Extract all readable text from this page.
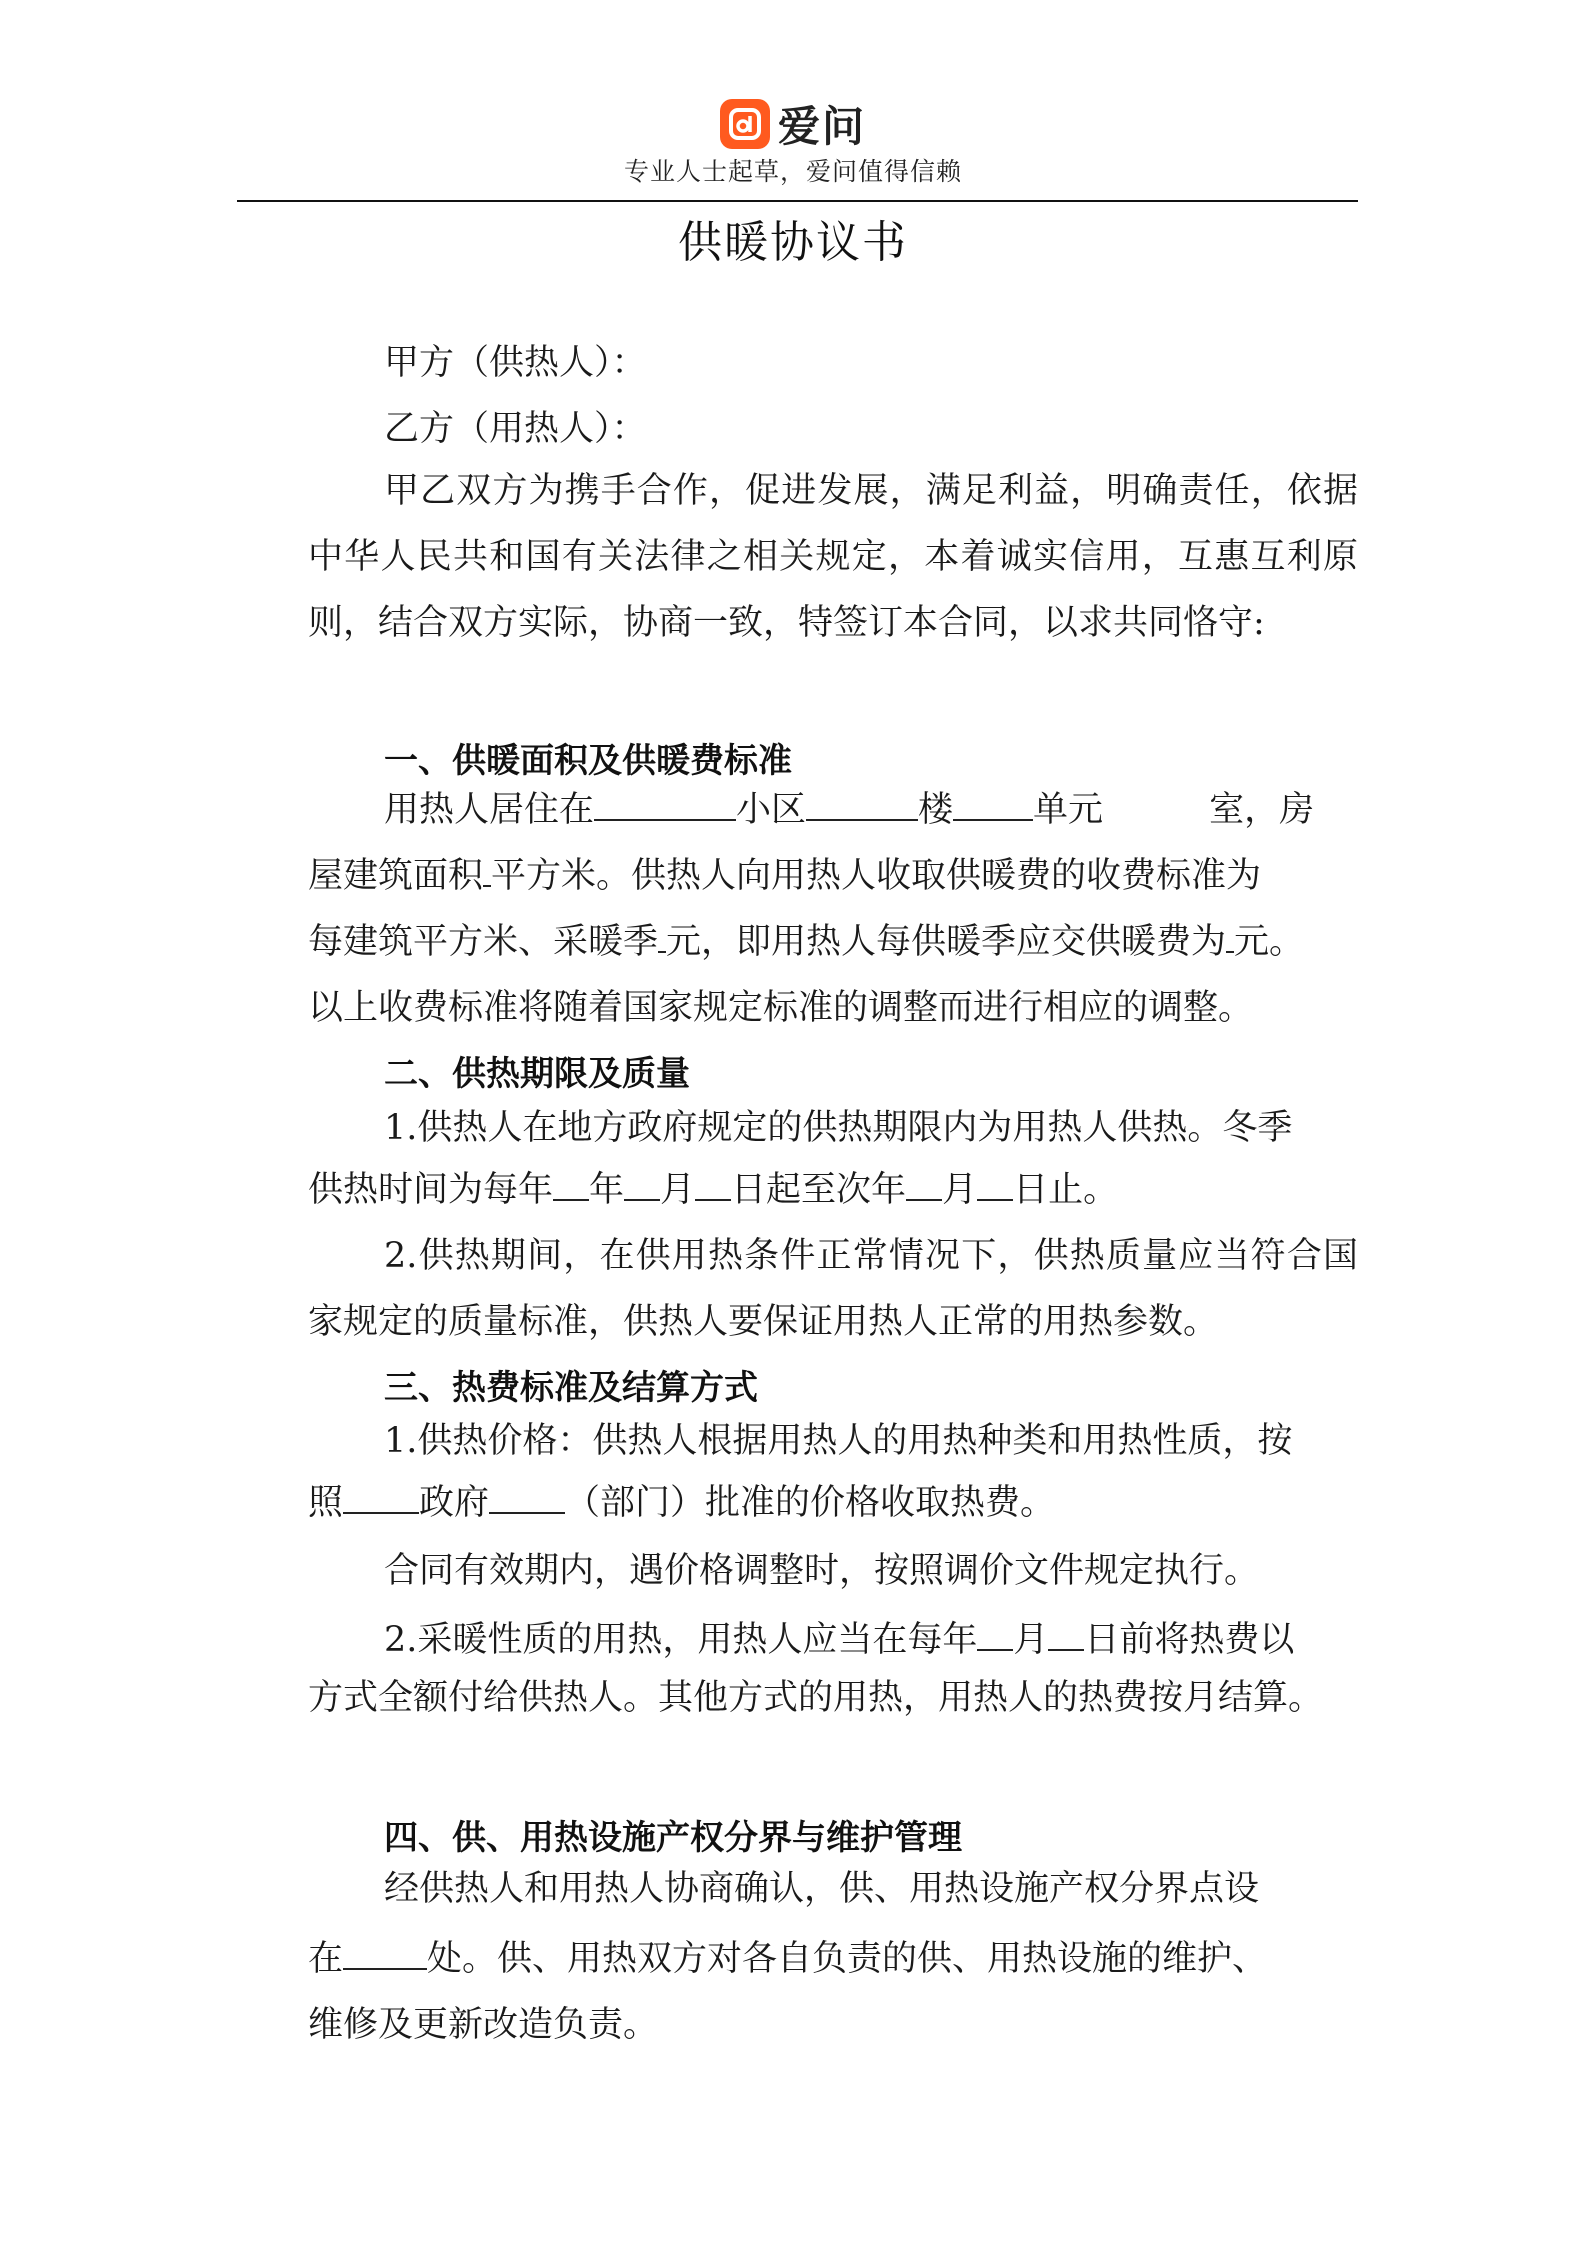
爱问
专业人士起草，爱问值得信赖
供暖协议书
甲方（供热人）：
乙方（用热人）：
甲乙双方为携手合作，促进发展，满足利益，明确责任，依据中华人民共和国有关法律之相关规定，本着诚实信用，互惠互利原则，结合双方实际，协商一致，特签订本合同，以求共同恪守:
一、供暖面积及供暖费标准
用热人居住在	小区	楼 单元	室，房
屋建筑面积 平方米。供热人向用热人收取供暖费的收费标准为
每建筑平方米、采暖季 元，即用热人每供暖季应交供暖费为 元。
以上收费标准将随着国家规定标准的调整而进行相应的调整。
二、供热期限及质量
1.供热人在地方政府规定的供热期限内为用热人供热。冬季
供热时间为每年 年 月 日起至次年 月 日止。
2.供热期间，在供用热条件正常情况下，供热质量应当符合国家规定的质量标准，供热人要保证用热人正常的用热参数。
三、热费标准及结算方式
1.供热价格：供热人根据用热人的用热种类和用热性质，按
照 政府 （部门）批准的价格收取热费。
合同有效期内，遇价格调整时，按照调价文件规定执行。
2.采暖性质的用热，用热人应当在每年 月 日前将热费以
方式全额付给供热人。其他方式的用热，用热人的热费按月结算。
四、供、用热设施产权分界与维护管理
经供热人和用热人协商确认，供、用热设施产权分界点设
在 处。供、用热双方对各自负责的供、用热设施的维护、
维修及更新改造负责。
